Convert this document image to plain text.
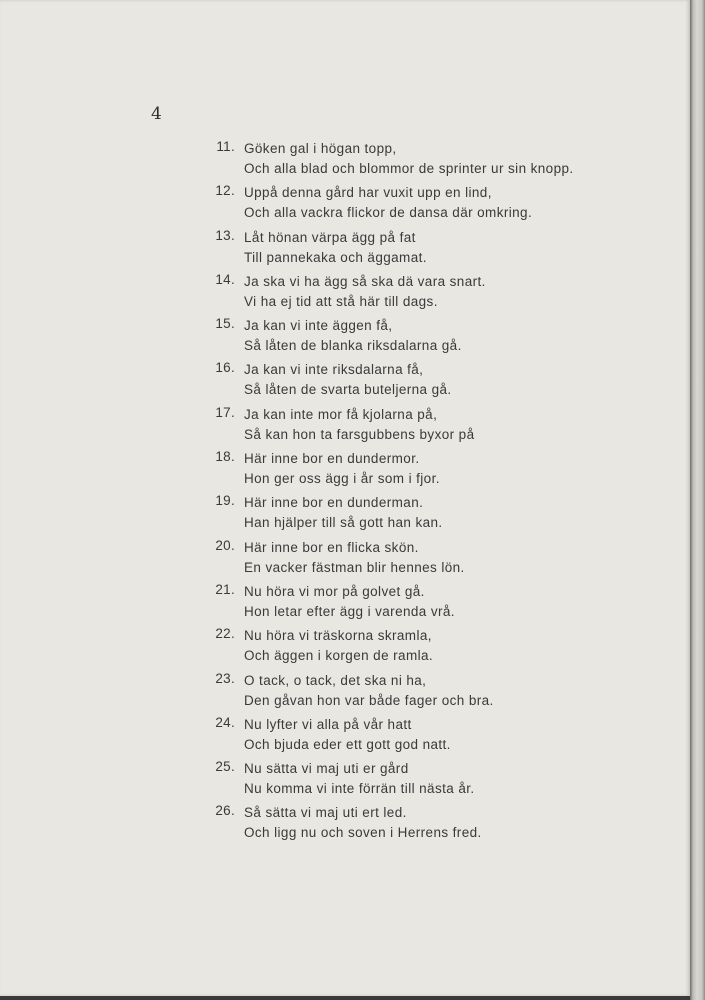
4
11. Göken gal i högan topp,
Och alla blad och blommor de sprinter ur sin knopp.
12. Uppå denna gård har vuxit upp en lind,
Och alla vackra flickor de dansa där omkring.
13. Låt hönan värpa ägg på fat
Till pannekaka och äggamat.
14. Ja ska vi ha ägg så ska dä vara snart.
Vi ha ej tid att stå här till dags.
15. Ja kan vi inte äggen få,
Så låten de blanka riksdalarna gå.
16. Ja kan vi inte riksdalarna få,
Så låten de svarta buteljerna gå.
17. Ja kan inte mor få kjolarna på,
Så kan hon ta farsgubbens byxor på
18. Här inne bor en dundermor.
Hon ger oss ägg i år som i fjor.
19. Här inne bor en dunderman.
Han hjälper till så gott han kan.
20. Här inne bor en flicka skön.
En vacker fästman blir hennes lön.
21. Nu höra vi mor på golvet gå.
Hon letar efter ägg i varenda vrå.
22. Nu höra vi träskorna skramla,
Och äggen i korgen de ramla.
23. O tack, o tack, det ska ni ha,
Den gåvan hon var både fager och bra.
24. Nu lyfter vi alla på vår hatt
Och bjuda eder ett gott god natt.
25. Nu sätta vi maj uti er gård
Nu komma vi inte förrän till nästa år.
26. Så sätta vi maj uti ert led.
Och ligg nu och soven i Herrens fred.
